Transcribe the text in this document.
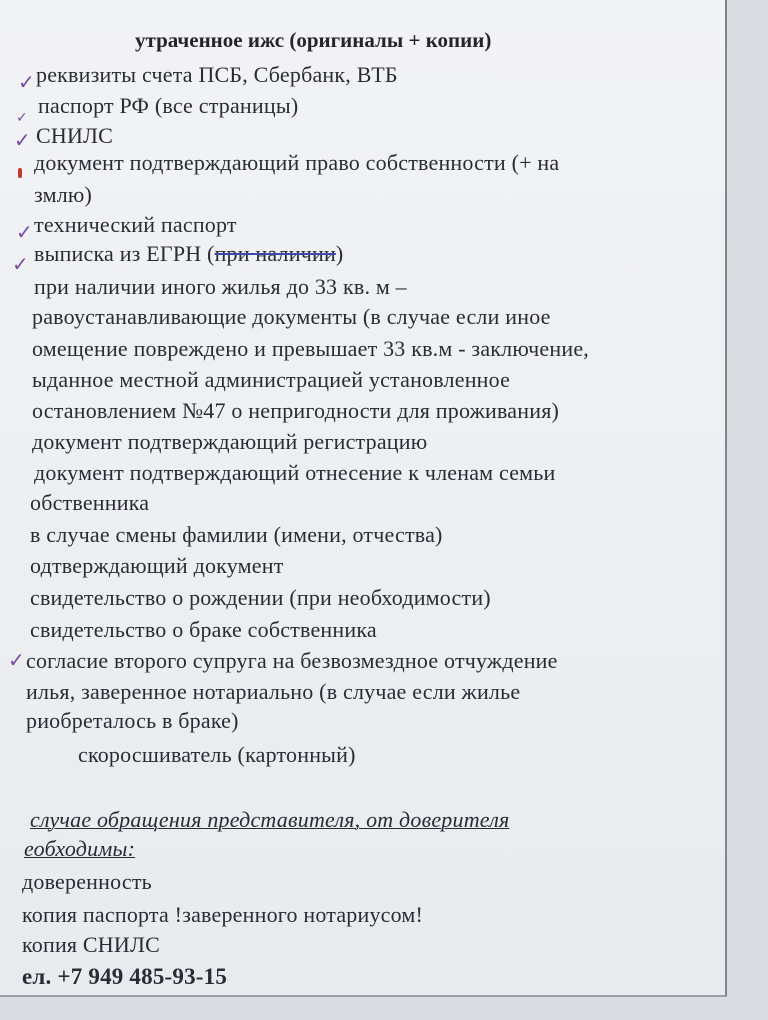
утраченное ижс (оригиналы + копии)
✓
✓
✓
✓
✓
✓
реквизиты счета ПСБ, Сбербанк, ВТБ
паспорт РФ (все страницы)
СНИЛС
документ подтверждающий право собственности (+ на
змлю)
технический паспорт
выписка из ЕГРН (при наличии)
при наличии иного жилья до 33 кв. м –
равоустанавливающие документы (в случае если иное
омещение повреждено и превышает 33 кв.м - заключение,
ыданное местной администрацией установленное
остановлением №47 о непригодности для проживания)
документ подтверждающий регистрацию
документ подтверждающий отнесение к членам семьи
обственника
в случае смены фамилии (имени, отчества)
одтверждающий документ
свидетельство о рождении (при необходимости)
свидетельство о браке собственника
согласие второго супруга на безвозмездное отчуждение
илья, заверенное нотариально (в случае если жилье
риобреталось в браке)
скоросшиватель (картонный)
случае обращения представителя, от доверителя
еобходимы:
доверенность
копия паспорта !заверенного нотариусом!
копия СНИЛС
ел. +7 949 485-93-15
